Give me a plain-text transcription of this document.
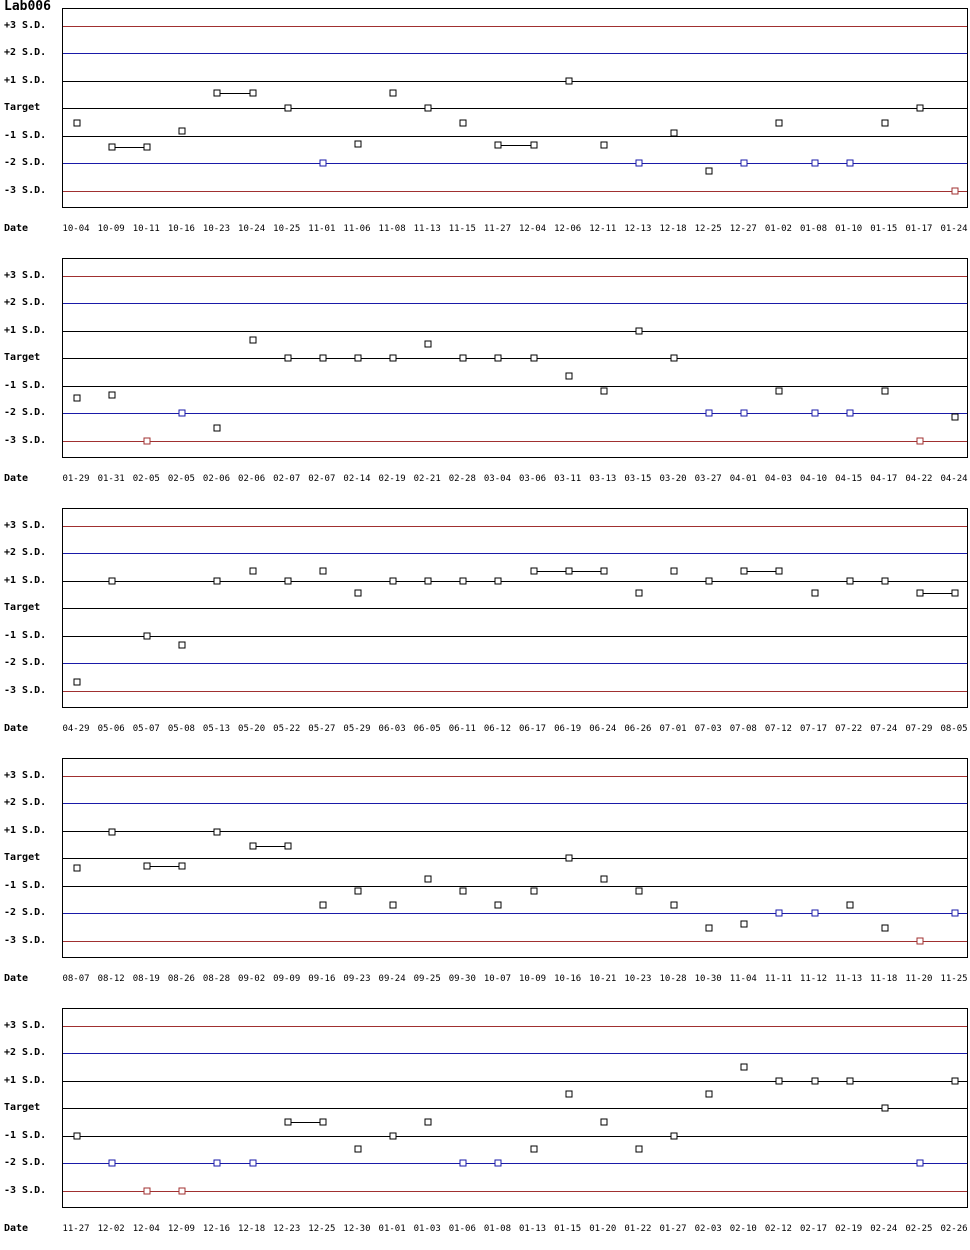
Lab006
+3 S.D.
+2 S.D.
+1 S.D.
Target
-1 S.D.
-2 S.D.
-3 S.D.
Date	10-04 10-09 10-11 10-16 10-23 10-24 10-25 11-01 11-06 11-08 11-13 11-15 11-27 12-04 12-06 12-11 12-13 12-18 12-25 12-27 01-02 01-08 01-10 01-15 01-17 01-24
+3 S.D.
+2 S.D.
+1 S.D.
Target
-1 S.D.
-2 S.D.
-3 S.D.
Date	01-29 01-31 02-05 02-05 02-06 02-06 02-07 02-07 02-14 02-19 02-21 02-28 03-04 03-06 03-11 03-13 03-15 03-20 03-27 04-01 04-03 04-10 04-15 04-17 04-22 04-24
+3 S.D.
+2 S.D.
+1 S.D.
Target
-1 S.D.
-2 S.D.
-3 S.D.
Date	04-29 05-06 05-07 05-08 05-13 05-20 05-22 05-27 05-29 06-03 06-05 06-11 06-12 06-17 06-19 06-24 06-26 07-01 07-03 07-08 07-12 07-17 07-22 07-24 07-29 08-05
+3 S.D.
+2 S.D.
+1 S.D.
Target
-1 S.D.
-2 S.D.
-3 S.D.
Date	08-07 08-12 08-19 08-26 08-28 09-02 09-09 09-16 09-23 09-24 09-25 09-30 10-07 10-09 10-16 10-21 10-23 10-28 10-30 11-04 11-11 11-12 11-13 11-18 11-20 11-25
+3 S.D.
+2 S.D.
+1 S.D.
Target
-1 S.D.
-2 S.D.
-3 S.D.
Date	11-27 12-02 12-04 12-09 12-16 12-18 12-23 12-25 12-30 01-01 01-03 01-06 01-08 01-13 01-15 01-20 01-22 01-27 02-03 02-10 02-12 02-17 02-19 02-24 02-25 02-26
